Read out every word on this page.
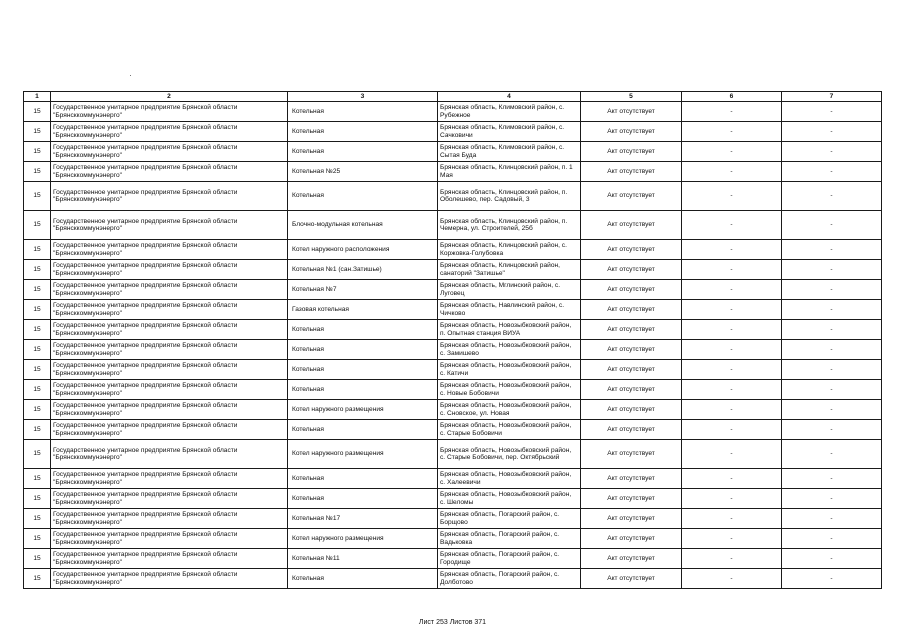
1	2	3	4	5	6	7
15	Государственное унитарное предприятие Брянской области "Брянсккоммунэнерго"	Котельная	Брянская область, Климовский район, с. Рубежное	Акт отсутствует	-	-
15	Государственное унитарное предприятие Брянской области "Брянсккоммунэнерго"	Котельная	Брянская область, Климовский район, с. Сачковичи	Акт отсутствует	-	-
15	Государственное унитарное предприятие Брянской области "Брянсккоммунэнерго"	Котельная	Брянская область, Климовский район, с. Сытая Буда	Акт отсутствует	-	-
15	Государственное унитарное предприятие Брянской области "Брянсккоммунэнерго"	Котельная №25	Брянская область, Клинцовский район, п. 1 Мая	Акт отсутствует	-	-
15	Государственное унитарное предприятие Брянской области "Брянсккоммунэнерго"	Котельная	Брянская область, Клинцовский район, п. Оболешево, пер. Садовый, 3	Акт отсутствует	-	-
15	Государственное унитарное предприятие Брянской области "Брянсккоммунэнерго"	Блочно-модульная котельная	Брянская область, Клинцовский район, п. Чемерна, ул. Строителей, 25б	Акт отсутствует	-	-
15	Государственное унитарное предприятие Брянской области "Брянсккоммунэнерго"	Котел наружного расположения	Брянская область, Клинцовский район, с. Коржовка-Голубовка	Акт отсутствует	-	-
15	Государственное унитарное предприятие Брянской области "Брянсккоммунэнерго"	Котельная №1 (сан.Затишье)	Брянская область, Клинцовский район, санаторий "Затишье"	Акт отсутствует	-	-
15	Государственное унитарное предприятие Брянской области "Брянсккоммунэнерго"	Котельная №7	Брянская область, Мглинский район, с. Луговец	Акт отсутствует	-	-
15	Государственное унитарное предприятие Брянской области "Брянсккоммунэнерго"	Газовая котельная	Брянская область, Навлинский район, с. Чичково	Акт отсутствует	-	-
15	Государственное унитарное предприятие Брянской области "Брянсккоммунэнерго"	Котельная	Брянская область, Новозыбковский район, п. Опытная станция ВИУА	Акт отсутствует	-	-
15	Государственное унитарное предприятие Брянской области "Брянсккоммунэнерго"	Котельная	Брянская область, Новозыбковский район, с. Замишево	Акт отсутствует	-	-
15	Государственное унитарное предприятие Брянской области "Брянсккоммунэнерго"	Котельная	Брянская область, Новозыбковский район, с. Катичи	Акт отсутствует	-	-
15	Государственное унитарное предприятие Брянской области "Брянсккоммунэнерго"	Котельная	Брянская область, Новозыбковский район, с. Новые Бобовичи	Акт отсутствует	-	-
15	Государственное унитарное предприятие Брянской области "Брянсккоммунэнерго"	Котел наружного размещения	Брянская область, Новозыбковский район, с. Сновское, ул. Новая	Акт отсутствует	-	-
15	Государственное унитарное предприятие Брянской области "Брянсккоммунэнерго"	Котельная	Брянская область, Новозыбковский район, с. Старые Бобовичи	Акт отсутствует	-	-
15	Государственное унитарное предприятие Брянской области "Брянсккоммунэнерго"	Котел наружного размещения	Брянская область, Новозыбковский район, с. Старые Бобовичи, пер. Октябрьский	Акт отсутствует	-	-
15	Государственное унитарное предприятие Брянской области "Брянсккоммунэнерго"	Котельная	Брянская область, Новозыбковский район, с. Халеевичи	Акт отсутствует	-	-
15	Государственное унитарное предприятие Брянской области "Брянсккоммунэнерго"	Котельная	Брянская область, Новозыбковский район, с. Шеломы	Акт отсутствует	-	-
15	Государственное унитарное предприятие Брянской области "Брянсккоммунэнерго"	Котельная №17	Брянская область, Погарский район, с. Борщово	Акт отсутствует	-	-
15	Государственное унитарное предприятие Брянской области "Брянсккоммунэнерго"	Котел наружного размещения	Брянская область, Погарский район, с. Вадьковка	Акт отсутствует	-	-
15	Государственное унитарное предприятие Брянской области "Брянсккоммунэнерго"	Котельная №11	Брянская область, Погарский район, с. Городище	Акт отсутствует	-	-
15	Государственное унитарное предприятие Брянской области "Брянсккоммунэнерго"	Котельная	Брянская область, Погарский район, с. Долботово	Акт отсутствует	-	-
Лист 253 Листов 371
